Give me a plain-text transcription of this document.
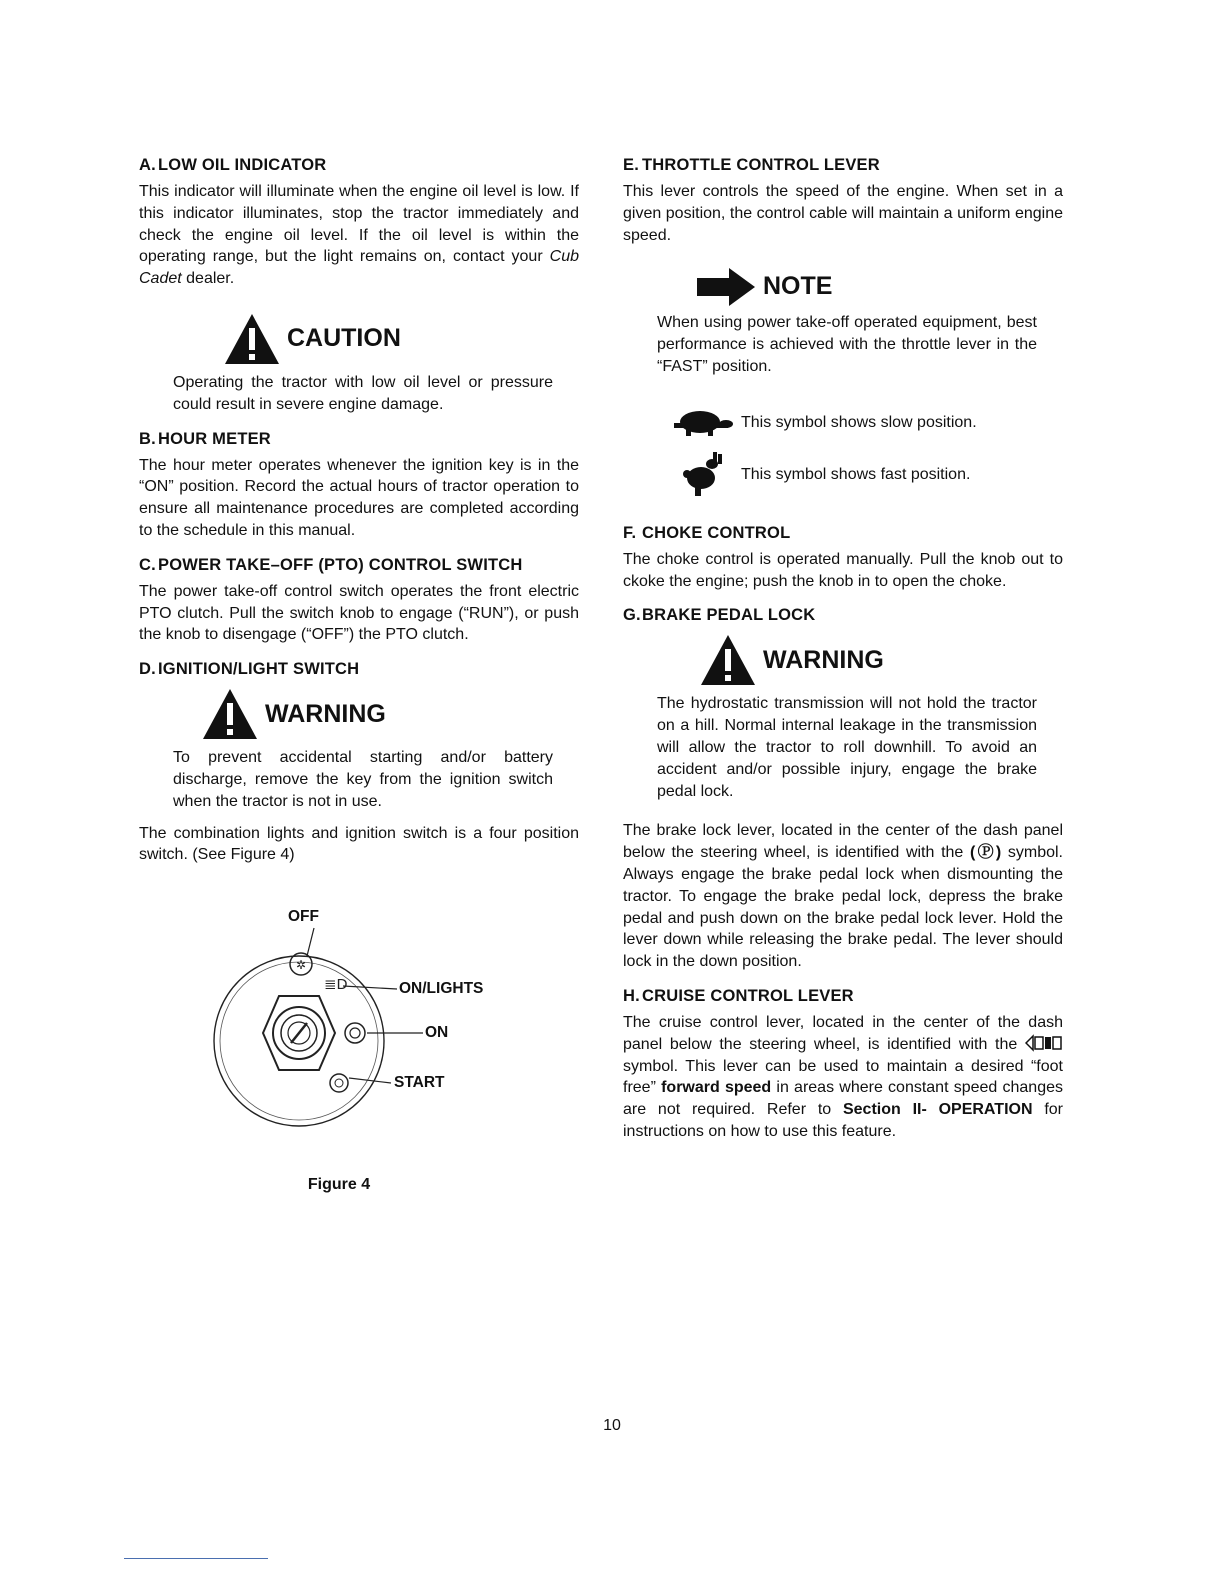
A. LOW OIL INDICATOR

This indicator will illuminate when the engine oil level is low. If this indicator illuminates, stop the tractor immediately and check the engine oil level. If the oil level is within the operating range, but the light remains on, contact your Cub Cadet dealer.

CAUTION

Operating the tractor with low oil level or pressure could result in severe engine damage.

B. HOUR METER

The hour meter operates whenever the ignition key is in the “ON” position. Record the actual hours of tractor operation to ensure all maintenance procedures are completed according to the schedule in this manual.

C. POWER TAKE–OFF (PTO) CONTROL SWITCH

The power take-off control switch operates the front electric PTO clutch. Pull the switch knob to engage (“RUN”), or push the knob to disengage (“OFF”) the PTO clutch.

D. IGNITION/LIGHT SWITCH
WARNING

To prevent accidental starting and/or battery discharge, remove the key from the ignition switch when the tractor is not in use.

The combination lights and ignition switch is a four position switch. (See Figure 4)

✲
≣D
OFF
ON/LIGHTS
ON
START
Figure 4
E. THROTTLE CONTROL LEVER

This lever controls the speed of the engine. When set in a given position, the control cable will maintain a uniform engine speed.

NOTE

When using power take-off operated equipment, best performance is achieved with the throttle lever in the “FAST” position.

This symbol shows slow position.

This symbol shows fast position.

F. CHOKE CONTROL

The choke control is operated manually. Pull the knob out to ckoke the engine; push the knob in to open the choke.

G.BRAKE PEDAL LOCK
WARNING

The hydrostatic transmission will not hold the tractor on a hill. Normal internal leakage in the transmission will allow the tractor to roll downhill. To avoid an accident and/or possible injury, engage the brake pedal lock.

The brake lock lever, located in the center of the dash panel below the steering wheel, is identified with the (Ⓟ) symbol. Always engage the brake pedal lock when dismounting the tractor. To engage the brake pedal lock, depress the brake pedal and push down on the brake pedal lock lever. Hold the lever down while releasing the brake pedal. The lever should lock in the down position.

H. CRUISE CONTROL LEVER

The cruise control lever, located in the center of the dash panel below the steering wheel, is identified with the  symbol. This lever can be used to maintain a desired “foot free” forward speed in areas where constant speed changes are not required. Refer to Section II- OPERATION for instructions on how to use this feature.

10
